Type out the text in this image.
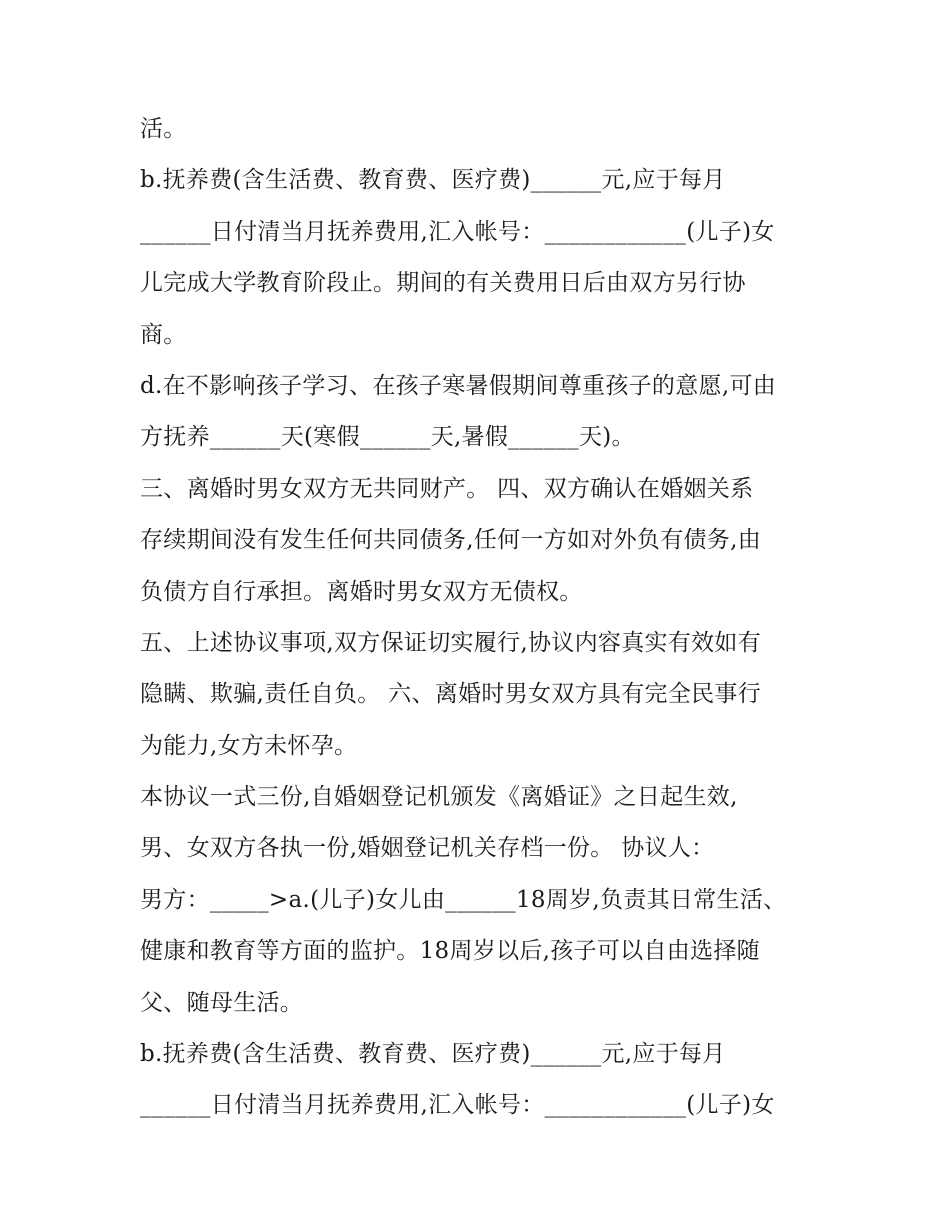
活。
b.抚养费(含生活费、教育费、医疗费)______元,应于每月
______日付清当月抚养费用,汇入帐号：____________(儿子)女
儿完成大学教育阶段止。期间的有关费用日后由双方另行协
商。
d.在不影响孩子学习、在孩子寒暑假期间尊重孩子的意愿,可由
方抚养______天(寒假______天,暑假______天)。
三、离婚时男女双方无共同财产。 四、双方确认在婚姻关系
存续期间没有发生任何共同债务,任何一方如对外负有债务,由
负债方自行承担。离婚时男女双方无债权。
五、上述协议事项,双方保证切实履行,协议内容真实有效如有
隐瞒、欺骗,责任自负。 六、离婚时男女双方具有完全民事行
为能力,女方未怀孕。
本协议一式三份,自婚姻登记机颁发《离婚证》之日起生效,
男、女双方各执一份,婚姻登记机关存档一份。 协议人：
男方：_____>a.(儿子)女儿由______18周岁,负责其日常生活、
健康和教育等方面的监护。18周岁以后,孩子可以自由选择随
父、随母生活。
b.抚养费(含生活费、教育费、医疗费)______元,应于每月
______日付清当月抚养费用,汇入帐号：____________(儿子)女
